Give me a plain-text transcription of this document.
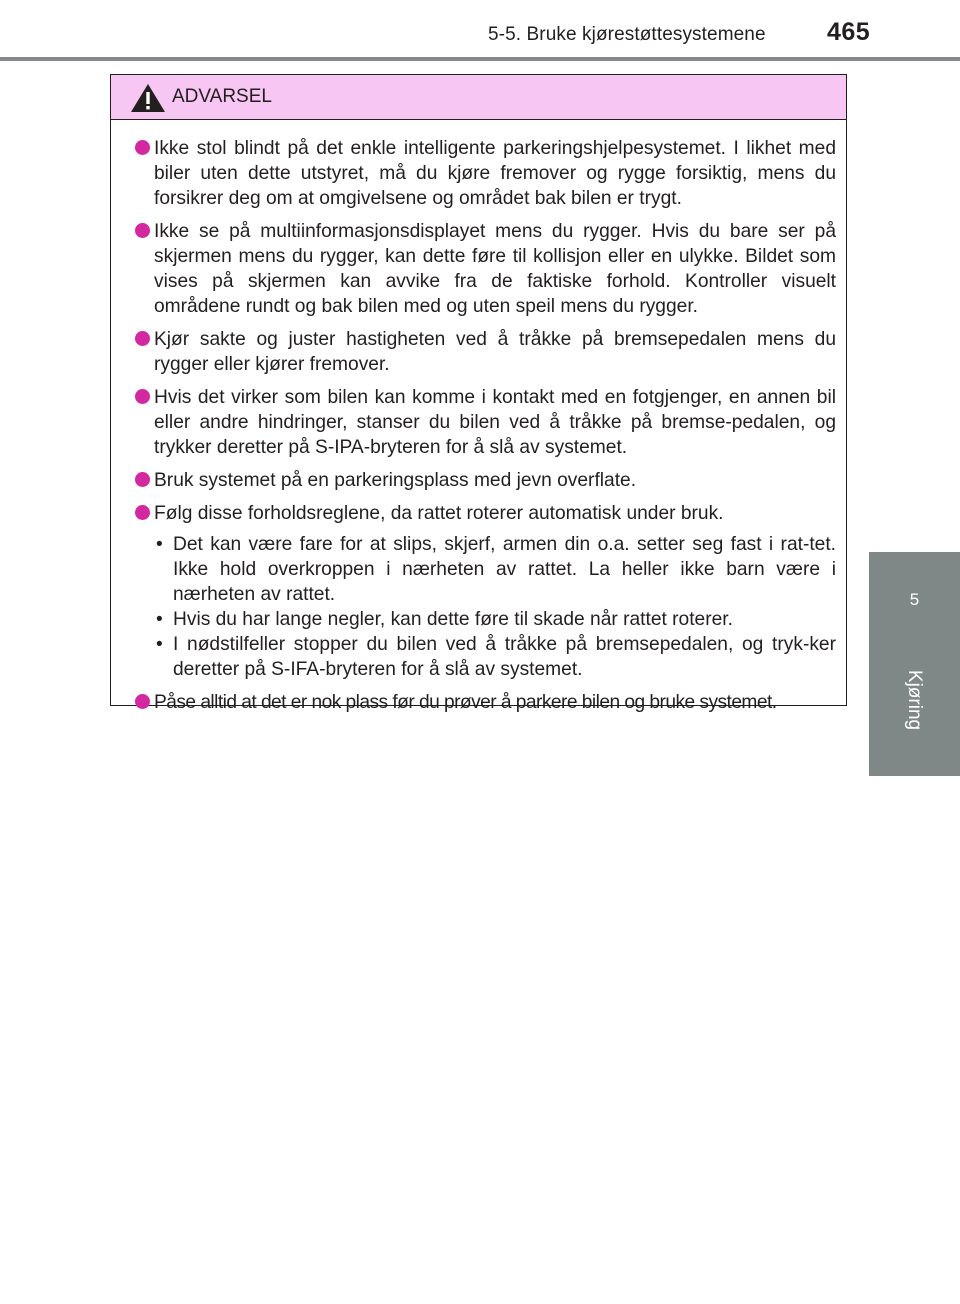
5-5. Bruke kjørestøttesystemene 465
5
Kjøring
ADVARSEL
Ikke stol blindt på det enkle intelligente parkeringshjelpesystemet. I likhet med biler uten dette utstyret, må du kjøre fremover og rygge forsiktig, mens du forsikrer deg om at omgivelsene og området bak bilen er trygt.
Ikke se på multiinformasjonsdisplayet mens du rygger. Hvis du bare ser på skjermen mens du rygger, kan dette føre til kollisjon eller en ulykke. Bildet som vises på skjermen kan avvike fra de faktiske forhold. Kontroller visuelt områdene rundt og bak bilen med og uten speil mens du rygger.
Kjør sakte og juster hastigheten ved å tråkke på bremsepedalen mens du rygger eller kjører fremover.
Hvis det virker som bilen kan komme i kontakt med en fotgjenger, en annen bil eller andre hindringer, stanser du bilen ved å tråkke på bremse-pedalen, og trykker deretter på S-IPA-bryteren for å slå av systemet.
Bruk systemet på en parkeringsplass med jevn overflate.
Følg disse forholdsreglene, da rattet roterer automatisk under bruk.
• Det kan være fare for at slips, skjerf, armen din o.a. setter seg fast i rat-tet. Ikke hold overkroppen i nærheten av rattet. La heller ikke barn være i nærheten av rattet.
• Hvis du har lange negler, kan dette føre til skade når rattet roterer.
• I nødstilfeller stopper du bilen ved å tråkke på bremsepedalen, og tryk-ker deretter på S-IFA-bryteren for å slå av systemet.
Påse alltid at det er nok plass før du prøver å parkere bilen og bruke systemet.
